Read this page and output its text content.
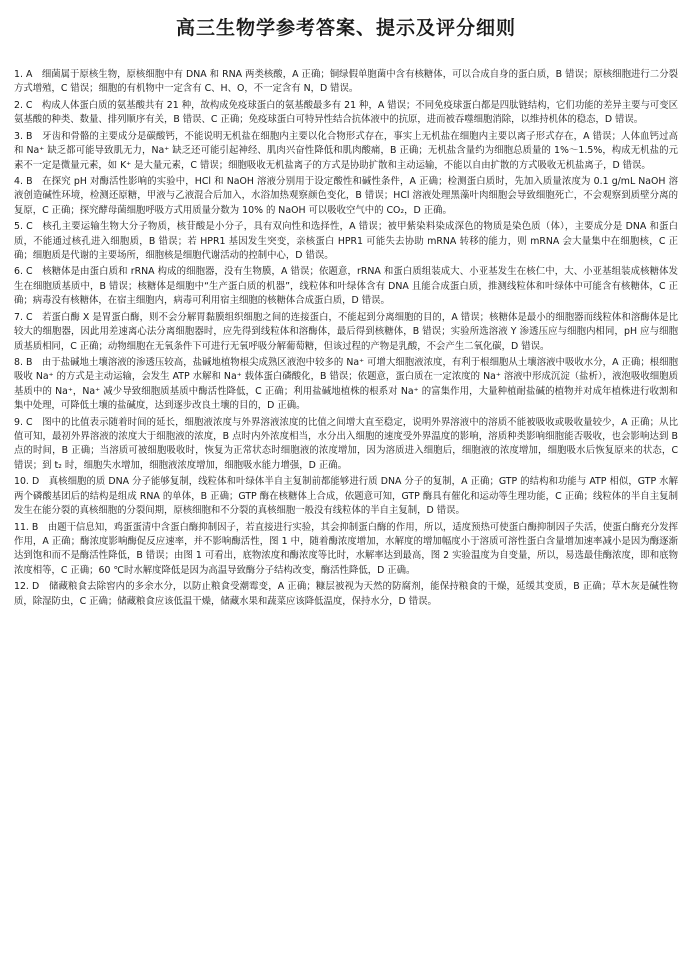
高三生物学参考答案、提示及评分细则

1. A　细菌属于原核生物，原核细胞中有 DNA 和 RNA 两类核酸，A 正确；铜绿假单胞菌中含有核糖体，可以合成自身的蛋白质，B 错误；原核细胞进行二分裂方式增殖，C 错误；细胞的有机物中一定含有 C、H、O，不一定含有 N，D 错误。

2. C　构成人体蛋白质的氨基酸共有 21 种，故构成免疫球蛋白的氨基酸最多有 21 种，A 错误；不同免疫球蛋白都是四肽链结构，它们功能的差异主要与可变区氨基酸的种类、数量、排列顺序有关，B 错误、C 正确；免疫球蛋白可特异性结合抗体液中的抗原，进而被吞噬细胞消除，以维持机体的稳态，D 错误。

3. B　牙齿和骨骼的主要成分是碳酸钙，不能说明无机盐在细胞内主要以化合物形式存在，事实上无机盐在细胞内主要以离子形式存在，A 错误；人体血钙过高和 Na⁺ 缺乏都可能导致肌无力，Na⁺ 缺乏还可能引起神经、肌肉兴奋性降低和肌肉酸痛，B 正确；无机盐含量约为细胞总质量的 1%～1.5%，构成无机盐的元素不一定是微量元素，如 K⁺ 是大量元素，C 错误；细胞吸收无机盐离子的方式是协助扩散和主动运输，不能以自由扩散的方式吸收无机盐离子，D 错误。

4. B　在探究 pH 对酶活性影响的实验中，HCl 和 NaOH 溶液分别用于设定酸性和碱性条件，A 正确；检测蛋白质时，先加入质量浓度为 0.1 g/mL NaOH 溶液创造碱性环境，检测还原糖，甲液与乙液混合后加入，水浴加热观察颜色变化，B 错误；HCl 溶液处理黑藻叶肉细胞会导致细胞死亡，不会观察到质壁分离的复原，C 正确；探究酵母菌细胞呼吸方式用质量分数为 10% 的 NaOH 可以吸收空气中的 CO₂，D 正确。

5. C　核孔主要运输生物大分子物质，核苷酸是小分子，具有双向性和选择性，A 错误；被甲紫染料染成深色的物质是染色质（体），主要成分是 DNA 和蛋白质，不能通过核孔进入细胞质，B 错误；若 HPR1 基因发生突变，亲核蛋白 HPR1 可能失去协助 mRNA 转移的能力，则 mRNA 会大量集中在细胞核，C 正确；细胞质是代谢的主要场所，细胞核是细胞代谢活动的控制中心，D 错误。

6. C　核糖体是由蛋白质和 rRNA 构成的细胞器，没有生物膜，A 错误；依题意，rRNA 和蛋白质组装成大、小亚基发生在核仁中，大、小亚基组装成核糖体发生在细胞质基质中，B 错误；核糖体是细胞中“生产蛋白质的机器”，线粒体和叶绿体含有 DNA 且能合成蛋白质，推测线粒体和叶绿体中可能含有核糖体，C 正确；病毒没有核糖体，在宿主细胞内，病毒可利用宿主细胞的核糖体合成蛋白质，D 错误。

7. C　若蛋白酶 X 是胃蛋白酶，则不会分解胃黏膜组织细胞之间的连接蛋白，不能起到分离细胞的目的，A 错误；核糖体是最小的细胞器而线粒体和溶酶体是比较大的细胞器，因此用差速离心法分离细胞器时，应先得到线粒体和溶酶体，最后得到核糖体，B 错误；实验所选溶液 Y 渗透压应与细胞内相同，pH 应与细胞质基质相同，C 正确；动物细胞在无氧条件下可进行无氧呼吸分解葡萄糖，但该过程的产物是乳酸，不会产生二氧化碳，D 错误。

8. B　由于盐碱地土壤溶液的渗透压较高，盐碱地植物根尖成熟区液泡中较多的 Na⁺ 可增大细胞液浓度，有利于根细胞从土壤溶液中吸收水分，A 正确；根细胞吸收 Na⁺ 的方式是主动运输，会发生 ATP 水解和 Na⁺ 载体蛋白磷酸化，B 错误；依题意，蛋白质在一定浓度的 Na⁺ 溶液中形成沉淀（盐析），液泡吸收细胞质基质中的 Na⁺，Na⁺ 减少导致细胞质基质中酶活性降低，C 正确；利用盐碱地植株的根系对 Na⁺ 的富集作用，大量种植耐盐碱的植物并对成年植株进行收割和集中处理，可降低土壤的盐碱度，达到逐步改良土壤的目的，D 正确。

9. C　图中的比值表示随着时间的延长，细胞液浓度与外界溶液浓度的比值之间增大直至稳定，说明外界溶液中的溶质不能被吸收或吸收量较少，A 正确；从比值可知，最初外界溶液的浓度大于细胞液的浓度，B 点时内外浓度相当，水分出入细胞的速度受外界温度的影响，溶质种类影响细胞能否吸收，也会影响达到 B 点的时间，B 正确；当溶质可被细胞吸收时，恢复为正常状态时细胞液的浓度增加，因为溶质进入细胞后，细胞液的浓度增加，细胞吸水后恢复原来的状态，C 错误；到 t₂ 时，细胞失水增加，细胞液浓度增加，细胞吸水能力增强，D 正确。

10. D　真核细胞的质 DNA 分子能够复制，线粒体和叶绿体半自主复制前都能够进行质 DNA 分子的复制，A 正确；GTP 的结构和功能与 ATP 相似，GTP 水解两个磷酸基团后的结构是组成 RNA 的单体，B 正确；GTP 酶在核糖体上合成，依题意可知，GTP 酶具有催化和运动等生理功能，C 正确；线粒体的半自主复制发生在能分裂的真核细胞的分裂间期，原核细胞和不分裂的真核细胞一般没有线粒体的半自主复制，D 错误。

11. B　由题干信息知，鸡蛋蛋清中含蛋白酶抑制因子，若直接进行实验，其会抑制蛋白酶的作用，所以，适度预热可使蛋白酶抑制因子失活，使蛋白酶充分发挥作用，A 正确；酶浓度影响酶促反应速率，并不影响酶活性，图 1 中，随着酶浓度增加，水解度的增加幅度小于溶质可溶性蛋白含量增加速率减小是因为酶逐渐达到饱和而不是酶活性降低，B 错误；由图 1 可看出，底物浓度和酶浓度等比时，水解率达到最高，图 2 实验温度为自变量，所以，易选最佳酶浓度，即和底物浓度相等，C 正确；60 ℃时水解度降低是因为高温导致酶分子结构改变，酶活性降低，D 正确。

12. D　储藏粮食去除窖内的多余水分，以防止粮食受潮霉变，A 正确；糠层被视为天然的防腐剂，能保持粮食的干燥，延缓其变质，B 正确；草木灰是碱性物质，除湿防虫，C 正确；储藏粮食应该低温干燥，储藏水果和蔬菜应该降低温度，保持水分，D 错误。
